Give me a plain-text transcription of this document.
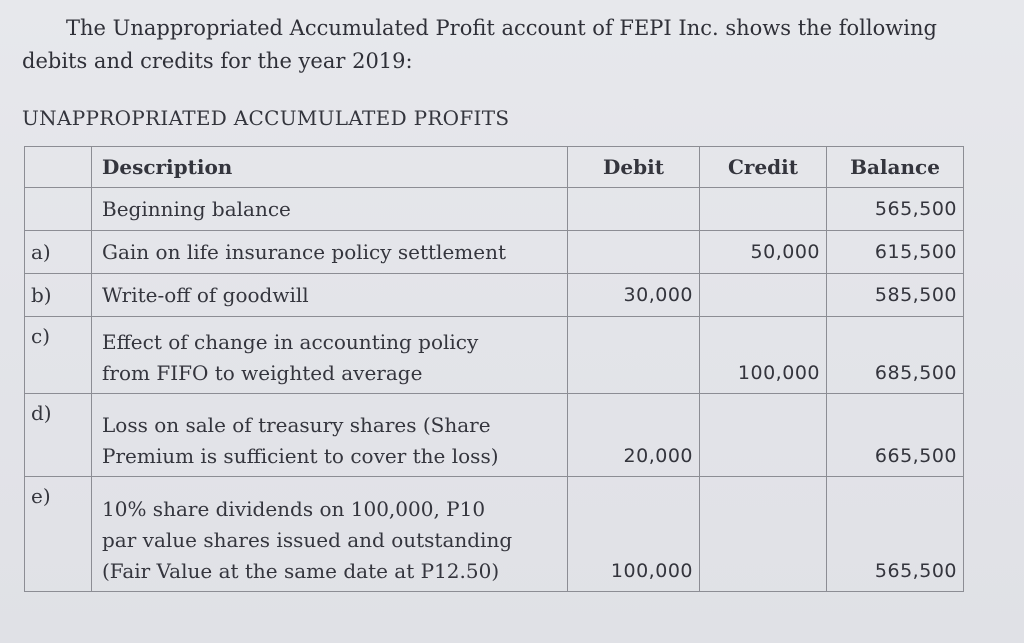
The Unappropriated Accumulated Profit account of FEPI Inc. shows the following
debits and credits for the year 2019:
UNAPPROPRIATED ACCUMULATED PROFITS
	Description	Debit	Credit	Balance

	Beginning balance			565,500
a)	Gain on life insurance policy settlement		50,000	615,500
b)	Write-off of goodwill	30,000		585,500
c)	Effect of change in accounting policy
from FIFO to weighted average		100,000	685,500
d)	Loss on sale of treasury shares (Share
Premium is sufficient to cover the loss)	20,000		665,500
e)	10% share dividends on 100,000, P10
par value shares issued and outstanding
(Fair Value at the same date at P12.50)	100,000		565,500
